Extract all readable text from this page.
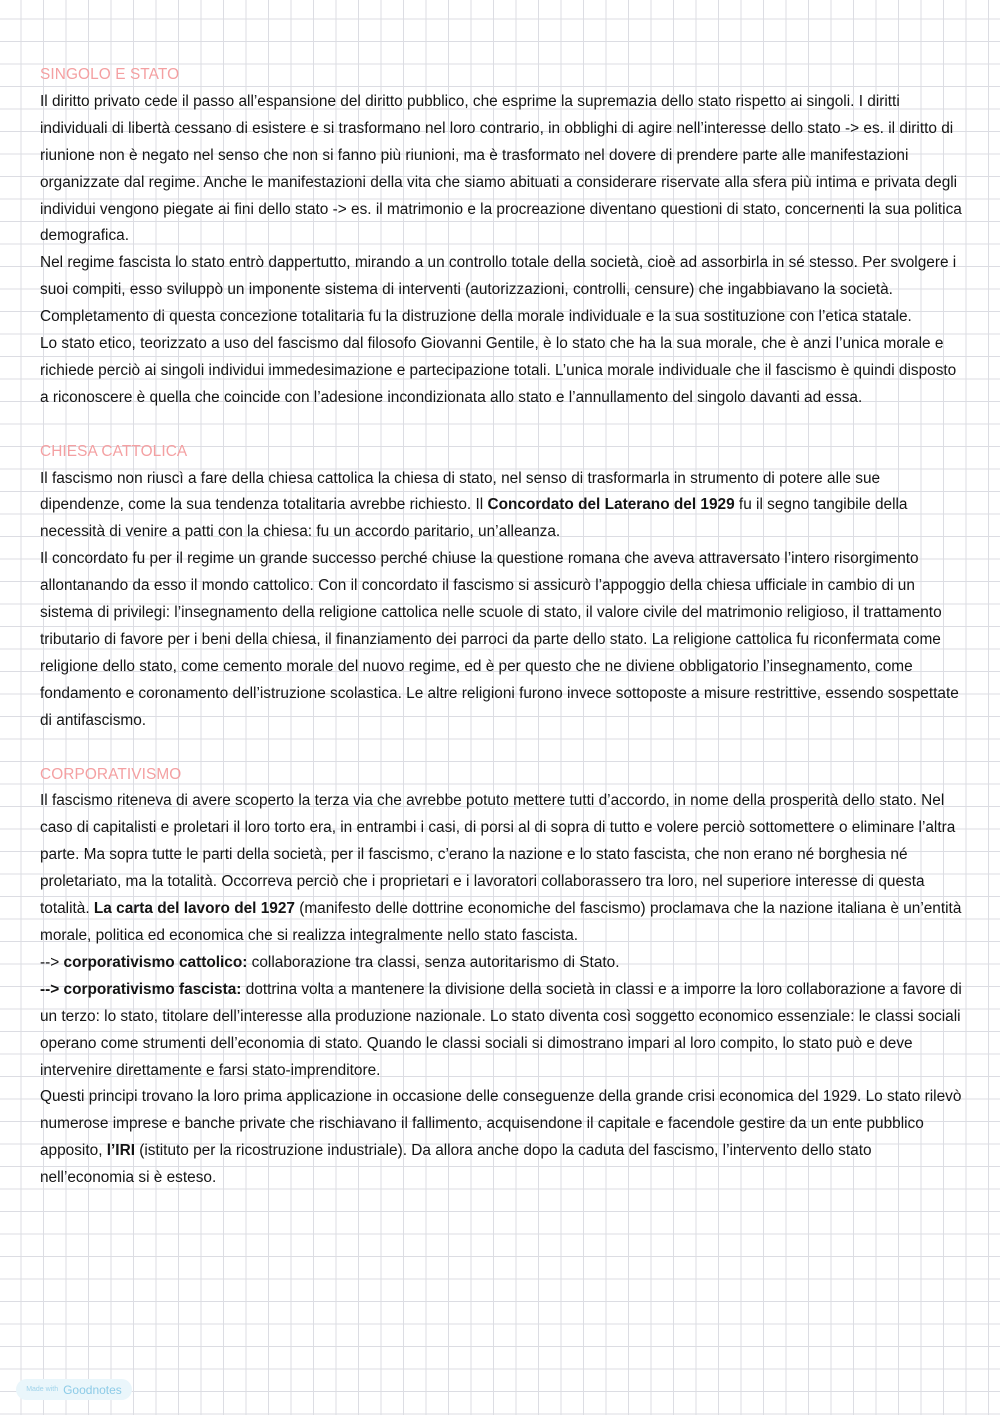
SINGOLO E STATO

Il diritto privato cede il passo all’espansione del diritto pubblico, che esprime la supremazia dello stato rispetto ai singoli. I diritti individuali di libertà cessano di esistere e si trasformano nel loro contrario, in obblighi di agire nell’interesse dello stato -> es. il diritto di riunione non è negato nel senso che non si fanno più riunioni, ma è trasformato nel dovere di prendere parte alle manifestazioni organizzate dal regime. Anche le manifestazioni della vita che siamo abituati a considerare riservate alla sfera più intima e privata degli individui vengono piegate ai fini dello stato -> es. il matrimonio e la procreazione diventano questioni di stato, concernenti la sua politica demografica.

Nel regime fascista lo stato entrò dappertutto, mirando a un controllo totale della società, cioè ad assorbirla in sé stesso. Per svolgere i suoi compiti, esso sviluppò un imponente sistema di interventi (autorizzazioni, controlli, censure) che ingabbiavano la società.

Completamento di questa concezione totalitaria fu la distruzione della morale individuale e la sua sostituzione con l’etica statale.

Lo stato etico, teorizzato a uso del fascismo dal filosofo Giovanni Gentile, è lo stato che ha la sua morale, che è anzi l’unica morale e richiede perciò ai singoli individui immedesimazione e partecipazione totali. L’unica morale individuale che il fascismo è quindi disposto a riconoscere è quella che coincide con l’adesione incondizionata allo stato e l’annullamento del singolo davanti ad essa.

CHIESA CATTOLICA

Il fascismo non riuscì a fare della chiesa cattolica la chiesa di stato, nel senso di trasformarla in strumento di potere alle sue dipendenze, come la sua tendenza totalitaria avrebbe richiesto. Il Concordato del Laterano del 1929 fu il segno tangibile della necessità di venire a patti con la chiesa: fu un accordo paritario, un’alleanza.

Il concordato fu per il regime un grande successo perché chiuse la questione romana che aveva attraversato l’intero risorgimento allontanando da esso il mondo cattolico. Con il concordato il fascismo si assicurò l’appoggio della chiesa ufficiale in cambio di un sistema di privilegi: l’insegnamento della religione cattolica nelle scuole di stato, il valore civile del matrimonio religioso, il trattamento tributario di favore per i beni della chiesa, il finanziamento dei parroci da parte dello stato. La religione cattolica fu riconfermata come religione dello stato, come cemento morale del nuovo regime, ed è per questo che ne diviene obbligatorio l’insegnamento, come fondamento e coronamento dell’istruzione scolastica. Le altre religioni furono invece sottoposte a misure restrittive, essendo sospettate di antifascismo.

CORPORATIVISMO

Il fascismo riteneva di avere scoperto la terza via che avrebbe potuto mettere tutti d’accordo, in nome della prosperità dello stato. Nel caso di capitalisti e proletari il loro torto era, in entrambi i casi, di porsi al di sopra di tutto e volere perciò sottomettere o eliminare l’altra parte. Ma sopra tutte le parti della società, per il fascismo, c’erano la nazione e lo stato fascista, che non erano né borghesia né proletariato, ma la totalità. Occorreva perciò che i proprietari e i lavoratori collaborassero tra loro, nel superiore interesse di questa totalità. La carta del lavoro del 1927 (manifesto delle dottrine economiche del fascismo) proclamava che la nazione italiana è un’entità morale, politica ed economica che si realizza integralmente nello stato fascista.

--> corporativismo cattolico: collaborazione tra classi, senza autoritarismo di Stato.

--> corporativismo fascista: dottrina volta a mantenere la divisione della società in classi e a imporre la loro collaborazione a favore di un terzo: lo stato, titolare dell’interesse alla produzione nazionale. Lo stato diventa così soggetto economico essenziale: le classi sociali operano come strumenti dell’economia di stato. Quando le classi sociali si dimostrano impari al loro compito, lo stato può e deve intervenire direttamente e farsi stato-imprenditore.

Questi principi trovano la loro prima applicazione in occasione delle conseguenze della grande crisi economica del 1929. Lo stato rilevò numerose imprese e banche private che rischiavano il fallimento, acquisendone il capitale e facendole gestire da un ente pubblico apposito, l’IRI (istituto per la ricostruzione industriale). Da allora anche dopo la caduta del fascismo, l’intervento dello stato nell’economia si è esteso.

Made with Goodnotes
